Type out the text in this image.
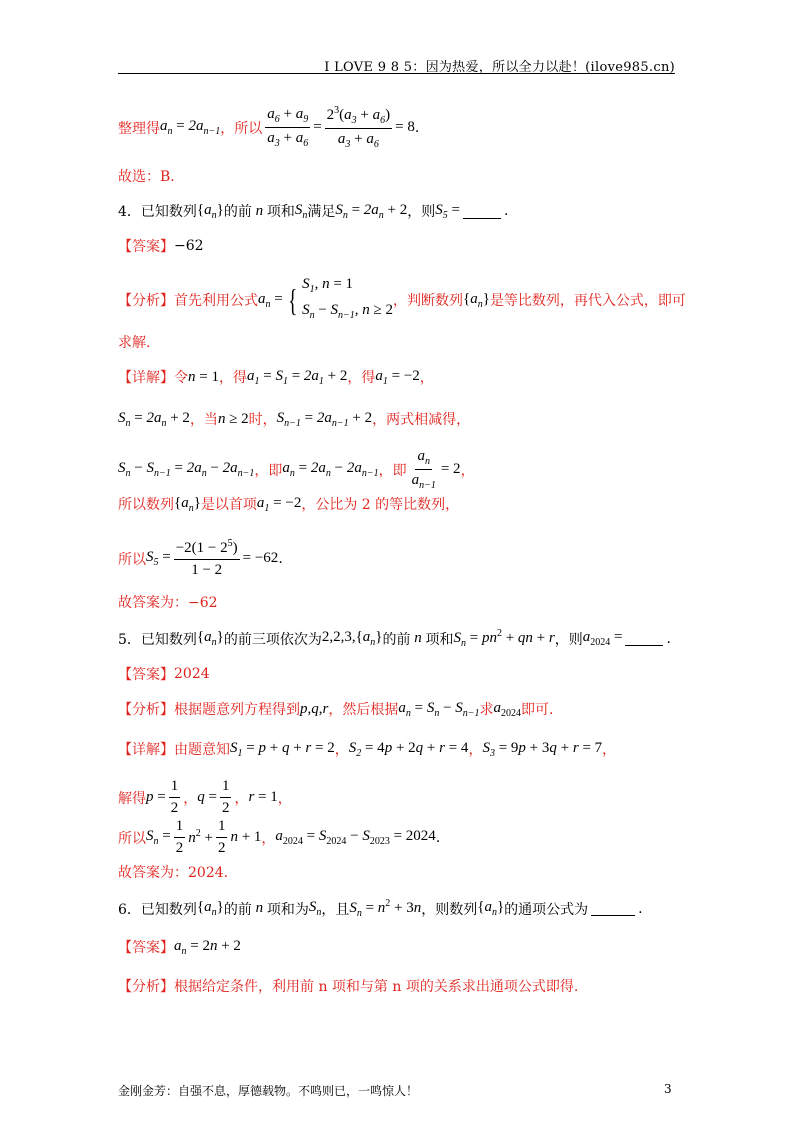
I LOVE 9 8 5：因为热爱，所以全力以赴！(ilove985.cn)
整理得 $a_n = 2a_{n-1}$ ，所以 $\frac{a_6 + a_9}{a_3 + a_6} = \frac{2^3(a_3 + a_6)}{a_3 + a_6} = 8$ .
故选：B．
4．已知数列 $\{a_n\}$ 的前 n 项和 $S_n$ 满足 $S_n = 2a_n + 2$ ，则 $S_5$ =	.
【答案】 −62
【分析】 首先利用公式 $a_n$ = { $S_1$, n = 1
$S_n - S_{n-1}$, n ≥ 2
，判断数列 $\{a_n\}$ 是等比数列，再代入公式，即可
求解.
【详解】 令 n = 1 ，得 $a_1 = S_1 = 2a_1 + 2$ ，得 $a_1 = -2$ ，
$S_n = 2a_n + 2$ ，当 n ≥ 2 时， $S_{n-1} = 2a_{n-1} + 2$ ，两式相减得，
$S_n - S_{n-1} = 2a_n - 2a_{n-1}$ ，即 $a_n = 2a_n - 2a_{n-1}$ ，即 $\frac{a_n}{a_{n-1}} = 2$ ，
所以数列 $\{a_n\}$ 是以首项 $a_1 = -2$ ，公比为 2 的等比数列，
所以 $S_5 = \frac{-2(1 - 2^5)}{1 - 2} = -62$ .
故答案为：−62
5．已知数列 $\{a_n\}$ 的前三项依次为 $2,2,3,\{a_n\}$ 的前 n 项和 $S_n = pn^2$ + qn + r ，则 $a_{2024}$ =	.
【答案】 2024
【分析】 根据题意列方程得到 p,q,r ，然后根据 $a_n = S_n - S_{n-1}$ 求 $a_{2024}$ 即可.
【详解】 由题意知 $S_1 = p + q + r = 2$ ， $S_2 = 4p + 2q + r = 4$ ， $S_3 = 9p + 3q + r = 7$ ，
解得 $p = \frac{1}{2}$ ， $q = \frac{1}{2}$ ， r = 1 ，
所以 $S_n = \frac{1}{2} n^2 + \frac{1}{2}$ n + 1 ， $a_{2024} = S_{2024} - S_{2023} = 2024$ .
故答案为：2024.
6．已知数列 $\{a_n\}$ 的前 n 项和为 $S_n$ ，且 $S_n = n^2 + 3n$ ，则数列 $\{a_n\}$ 的通项公式为	.
【答案】 $a_n = 2n + 2$
【分析】 根据给定条件，利用前 n 项和与第 n 项的关系求出通项公式即得.
金刚金芳：自强不息，厚德载物。不鸣则已，一鸣惊人！	3
